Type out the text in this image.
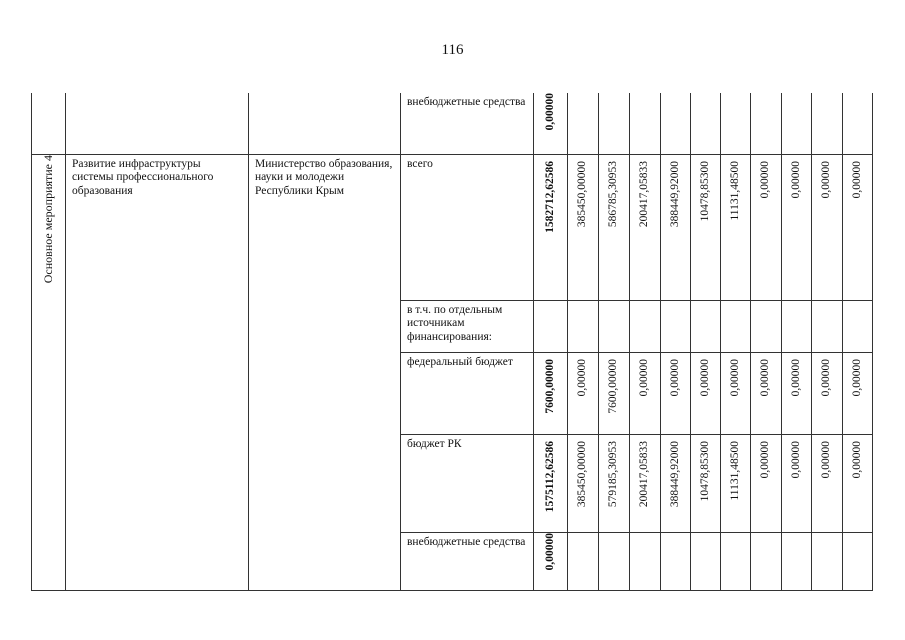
116

			внебюджетные средства	0,00000										

Основное мероприятие 4	Развитие инфраструктуры системы профессионального образования	Министерство образования, науки и молодежи Республики Крым	всего	1582712,62586	385450,00000	586785,30953	200417,05833	388449,92000	10478,85300	11131,48500	0,00000	0,00000	0,00000	0,00000

			в т.ч. по отдельным источникам финансирования:											

			федеральный бюджет	7600,00000	0,00000	7600,00000	0,00000	0,00000	0,00000	0,00000	0,00000	0,00000	0,00000	0,00000

			бюджет РК	1575112,62586	385450,00000	579185,30953	200417,05833	388449,92000	10478,85300	11131,48500	0,00000	0,00000	0,00000	0,00000

			внебюджетные средства	0,00000										
